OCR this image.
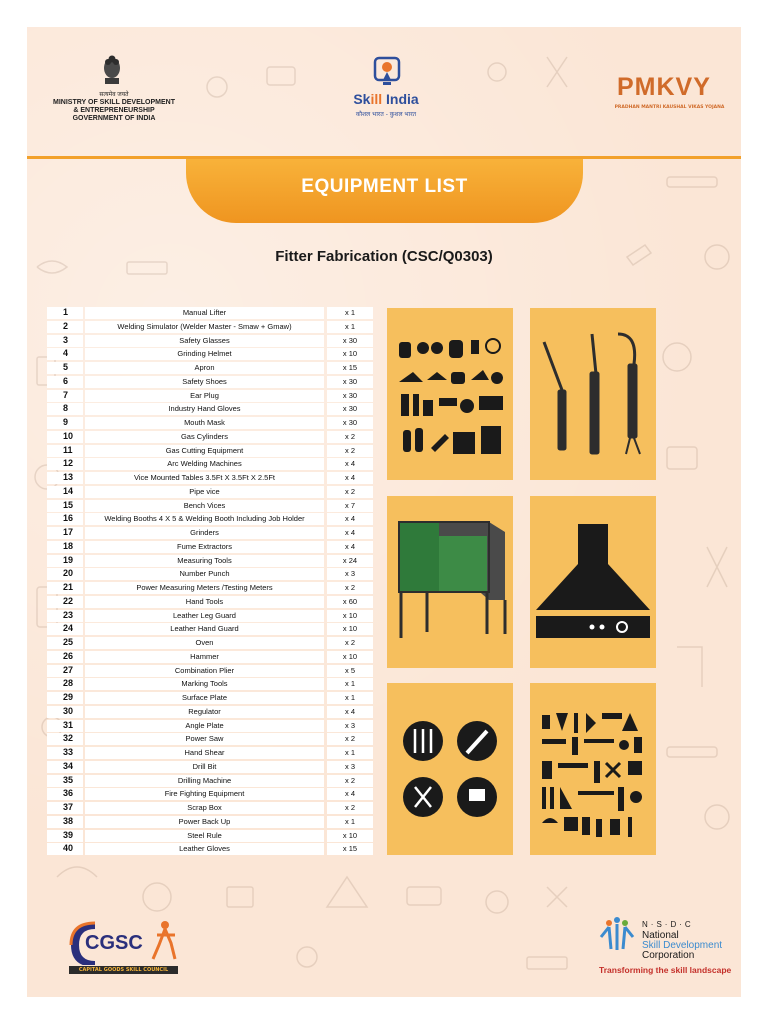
सत्यमेव जयते
MINISTRY OF SKILL DEVELOPMENT
& ENTREPRENEURSHIP
GOVERNMENT OF INDIA
Skill India
कौशल भारत - कुशल भारत
PMKVY
PRADHAN MANTRI KAUSHAL VIKAS YOJANA
EQUIPMENT LIST
Fitter Fabrication (CSC/Q0303)
1	Manual Lifter	x 1
2	Welding Simulator (Welder Master - Smaw + Gmaw)	x 1
3	Safety Glasses	x 30
4	Grinding Helmet	x 10
5	Apron	x 15
6	Safety Shoes	x 30
7	Ear Plug	x 30
8	Industry Hand Gloves	x 30
9	Mouth Mask	x 30
10	Gas Cylinders	x 2
11	Gas Cutting Equipment	x 2
12	Arc Welding Machines	x 4
13	Vice Mounted Tables 3.5Ft X 3.5Ft X 2.5Ft	x 4
14	Pipe vice	x 2
15	Bench Vices	x 7
16	Welding Booths 4 X 5 & Welding Booth Including Job Holder	x 4
17	Grinders	x 4
18	Fume Extractors	x 4
19	Measuring Tools	x 24
20	Number Punch	x 3
21	Power Measuring Meters /Testing Meters	x 2
22	Hand Tools	x 60
23	Leather Leg Guard	x 10
24	Leather Hand Guard	x 10
25	Oven	x 2
26	Hammer	x 10
27	Combination Plier	x 5
28	Marking Tools	x 1
29	Surface Plate	x 1
30	Regulator	x 4
31	Angle Plate	x 3
32	Power Saw	x 2
33	Hand Shear	x 1
34	Drill Bit	x 3
35	Drilling Machine	x 2
36	Fire Fighting Equipment	x 4
37	Scrap Box	x 2
38	Power Back Up	x 1
39	Steel Rule	x 10
40	Leather Gloves	x 15
CGSC
CAPITAL GOODS SKILL COUNCIL
N·S·D·C
National
Skill Development
Corporation
Transforming the skill landscape
